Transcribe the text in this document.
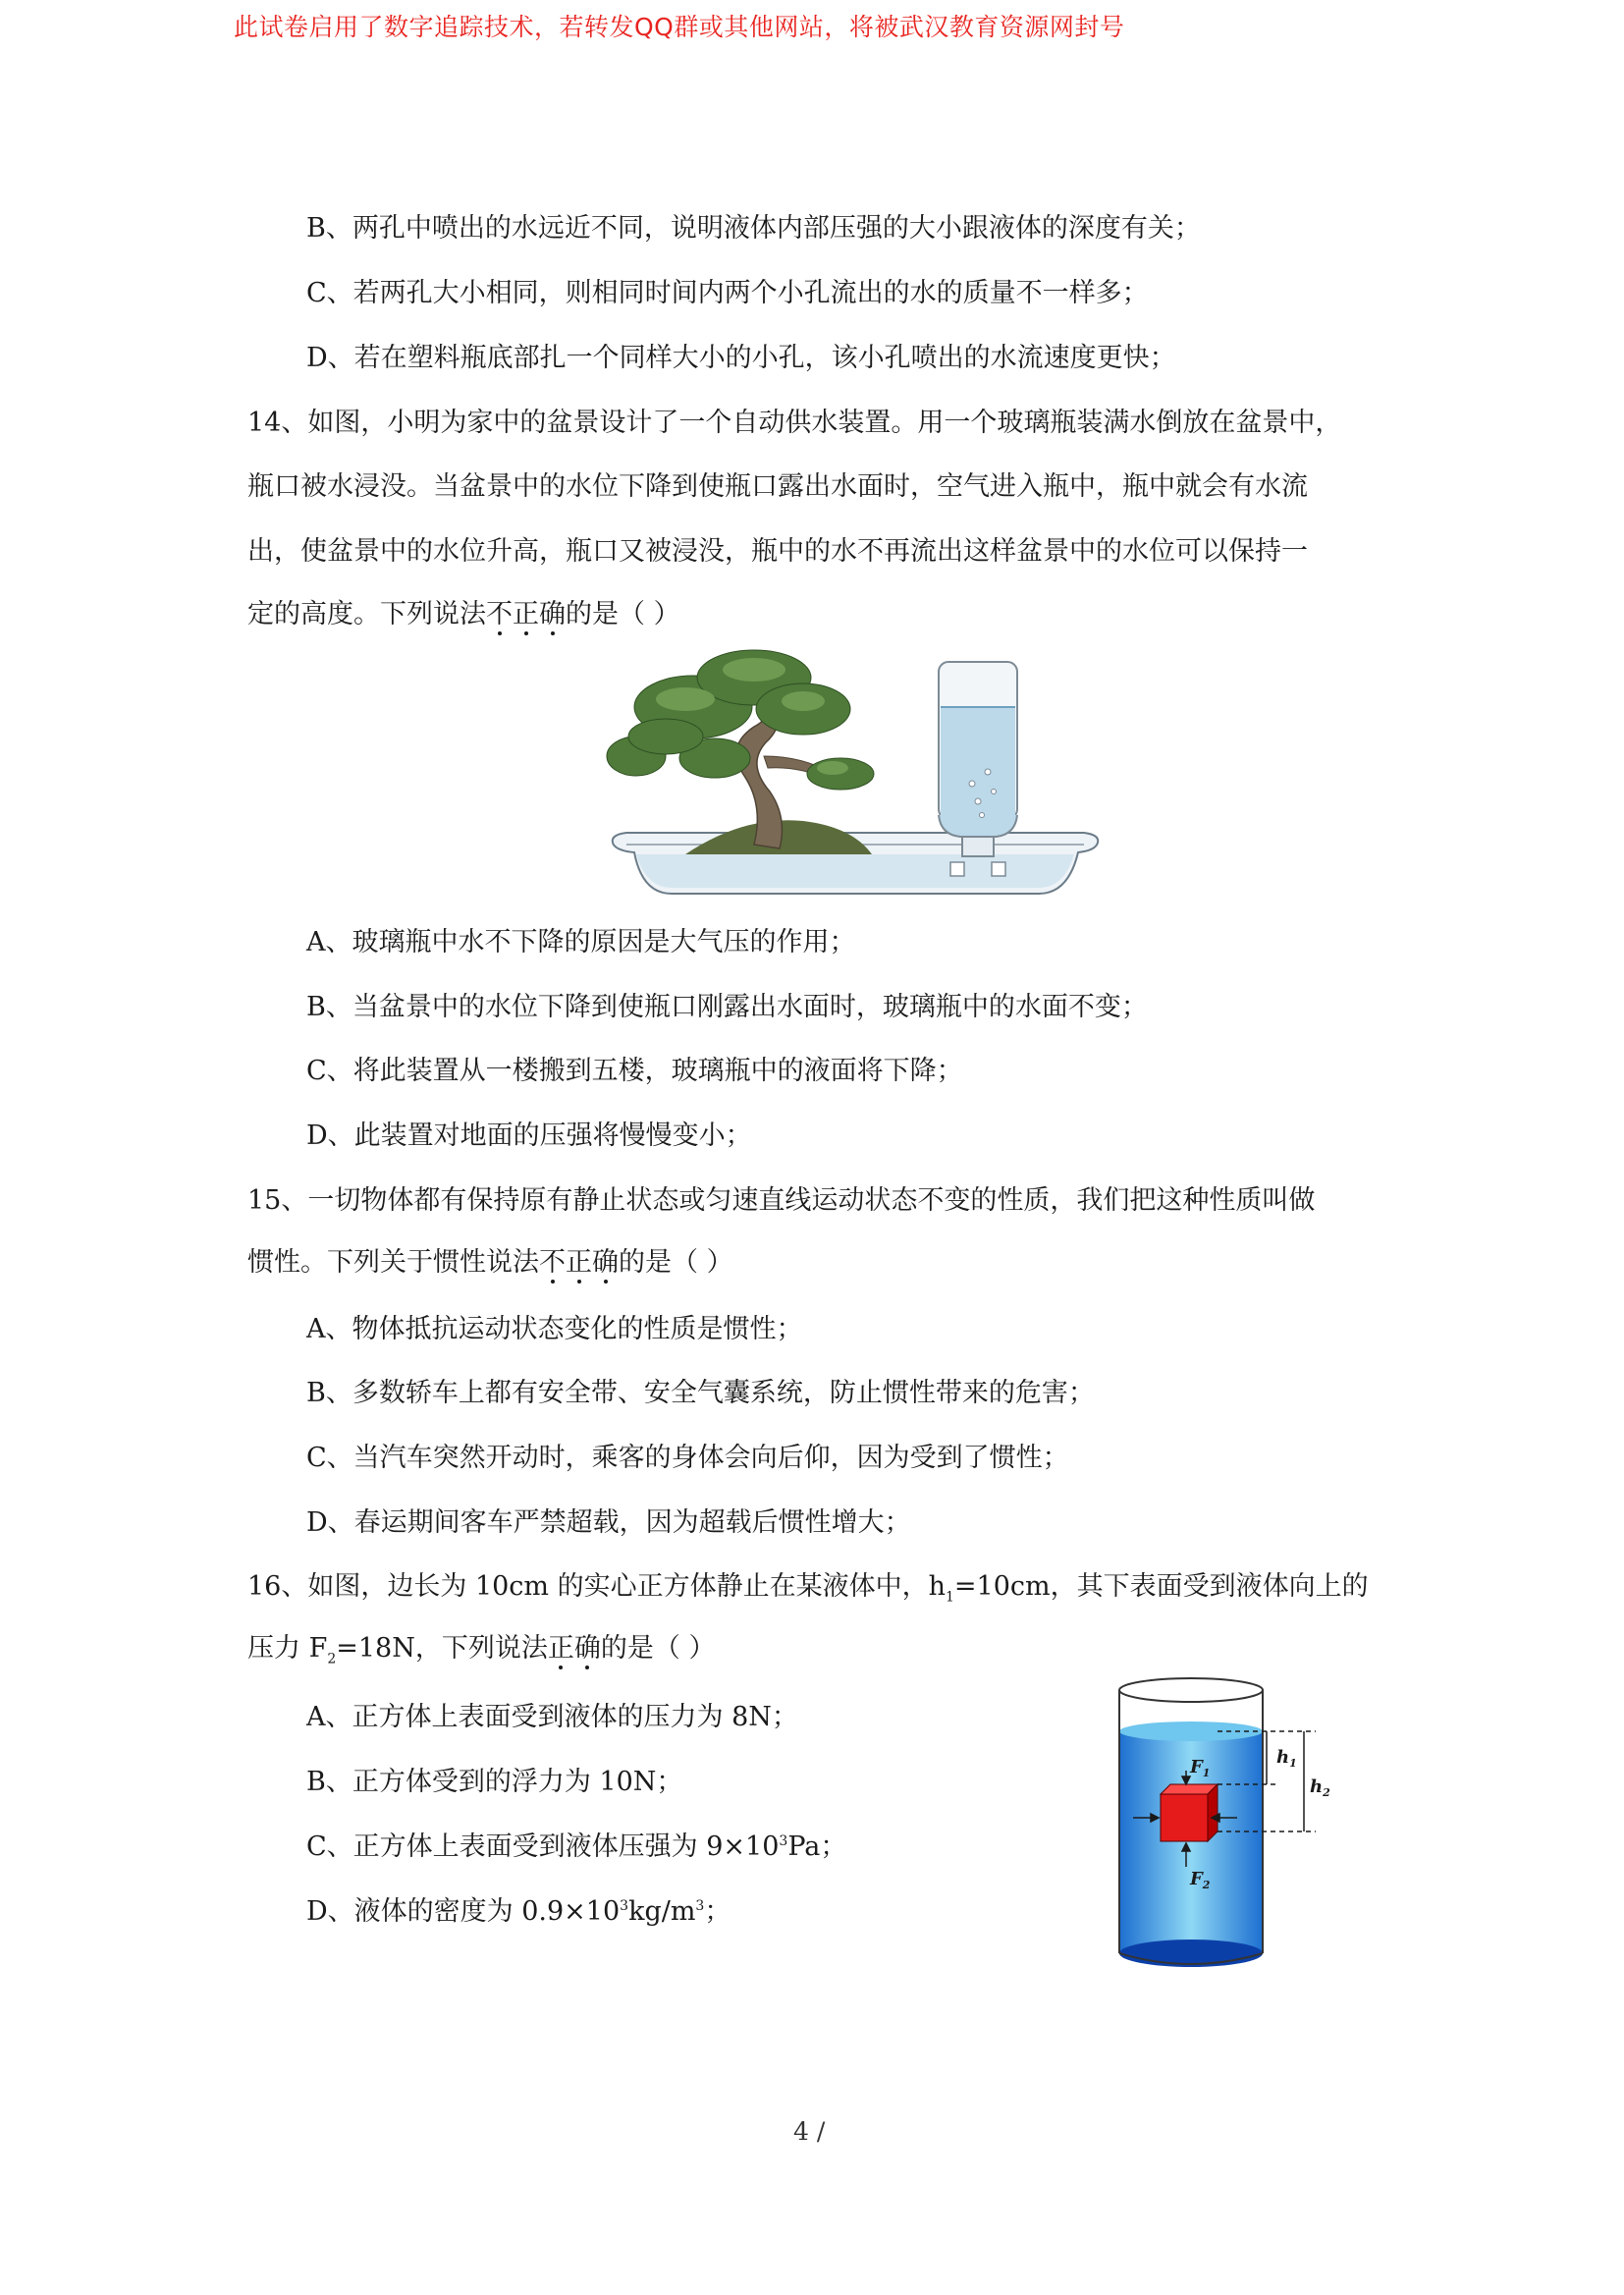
此试卷启用了数字追踪技术，若转发QQ群或其他网站，将被武汉教育资源网封号
B、两孔中喷出的水远近不同，说明液体内部压强的大小跟液体的深度有关；
C、若两孔大小相同，则相同时间内两个小孔流出的水的质量不一样多；
D、若在塑料瓶底部扎一个同样大小的小孔，该小孔喷出的水流速度更快；
14、如图，小明为家中的盆景设计了一个自动供水装置。用一个玻璃瓶装满水倒放在盆景中，
瓶口被水浸没。当盆景中的水位下降到使瓶口露出水面时，空气进入瓶中，瓶中就会有水流
出，使盆景中的水位升高，瓶口又被浸没，瓶中的水不再流出这样盆景中的水位可以保持一
定的高度。下列说法不正确的是（ ）
A、玻璃瓶中水不下降的原因是大气压的作用；
B、当盆景中的水位下降到使瓶口刚露出水面时，玻璃瓶中的水面不变；
C、将此装置从一楼搬到五楼，玻璃瓶中的液面将下降；
D、此装置对地面的压强将慢慢变小；
15、一切物体都有保持原有静止状态或匀速直线运动状态不变的性质，我们把这种性质叫做
惯性。下列关于惯性说法不正确的是（ ）
A、物体抵抗运动状态变化的性质是惯性；
B、多数轿车上都有安全带、安全气囊系统，防止惯性带来的危害；
C、当汽车突然开动时，乘客的身体会向后仰，因为受到了惯性；
D、春运期间客车严禁超载，因为超载后惯性增大；
16、如图，边长为 10cm 的实心正方体静止在某液体中，$h_1=10cm$，其下表面受到液体向上的
压力 $F_2=18N$，下列说法正确的是（ ）
A、正方体上表面受到液体的压力为 8N；
B、正方体受到的浮力为 10N；
C、正方体上表面受到液体压强为 $9\times 10^3Pa$；
D、液体的密度为 $0.9\times 10^3kg/m^3$；
$h_1$
$h_2$
$F_1$
$F_2$
4 /
